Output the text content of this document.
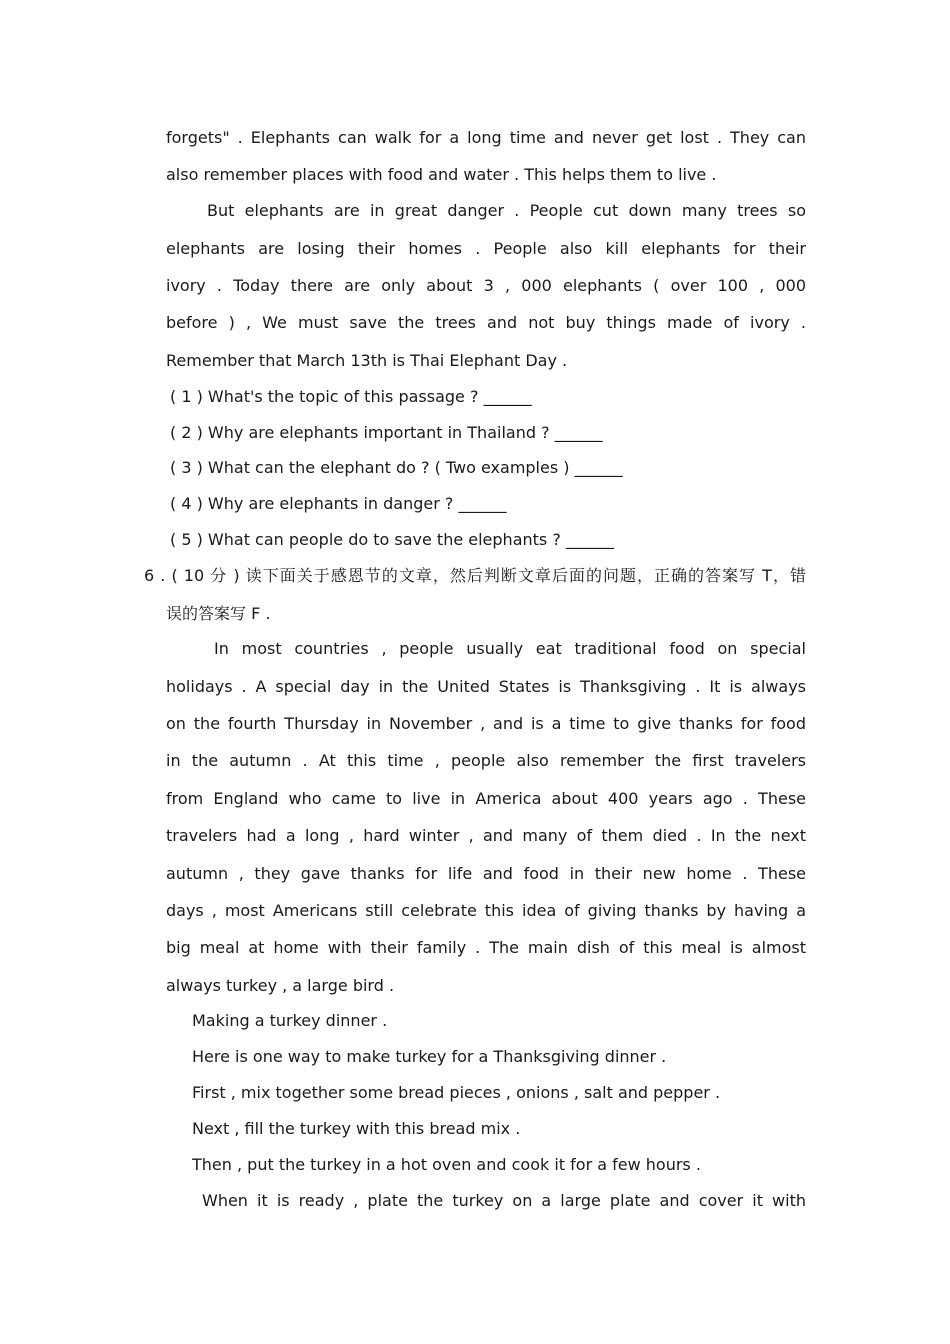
forgets" . Elephants can walk for a long time and never get lost . They can
also remember places with food and water . This helps them to live .
But elephants are in great danger . People cut down many trees so
elephants are losing their homes . People also kill elephants for their
ivory . Today there are only about 3 , 000 elephants ( over 100 , 000
before ) , We must save the trees and not buy things made of ivory .
Remember that March 13th is Thai Elephant Day .
( 1 ) What's the topic of this passage ? ______
( 2 ) Why are elephants important in Thailand ? ______
( 3 ) What can the elephant do ? ( Two examples ) ______
( 4 ) Why are elephants in danger ? ______
( 5 ) What can people do to save the elephants ? ______
6 . ( 10 分 ) 读下面关于感恩节的文章，然后判断文章后面的问题，正确的答案写 T，错
误的答案写 F .
In most countries , people usually eat traditional food on special
holidays . A special day in the United States is Thanksgiving . It is always
on the fourth Thursday in November , and is a time to give thanks for food
in the autumn . At this time , people also remember the first travelers
from England who came to live in America about 400 years ago . These
travelers had a long , hard winter , and many of them died . In the next
autumn , they gave thanks for life and food in their new home . These
days , most Americans still celebrate this idea of giving thanks by having a
big meal at home with their family . The main dish of this meal is almost
always turkey , a large bird .
Making a turkey dinner .
Here is one way to make turkey for a Thanksgiving dinner .
First , mix together some bread pieces , onions , salt and pepper .
Next , fill the turkey with this bread mix .
Then , put the turkey in a hot oven and cook it for a few hours .
When it is ready , plate the turkey on a large plate and cover it with
